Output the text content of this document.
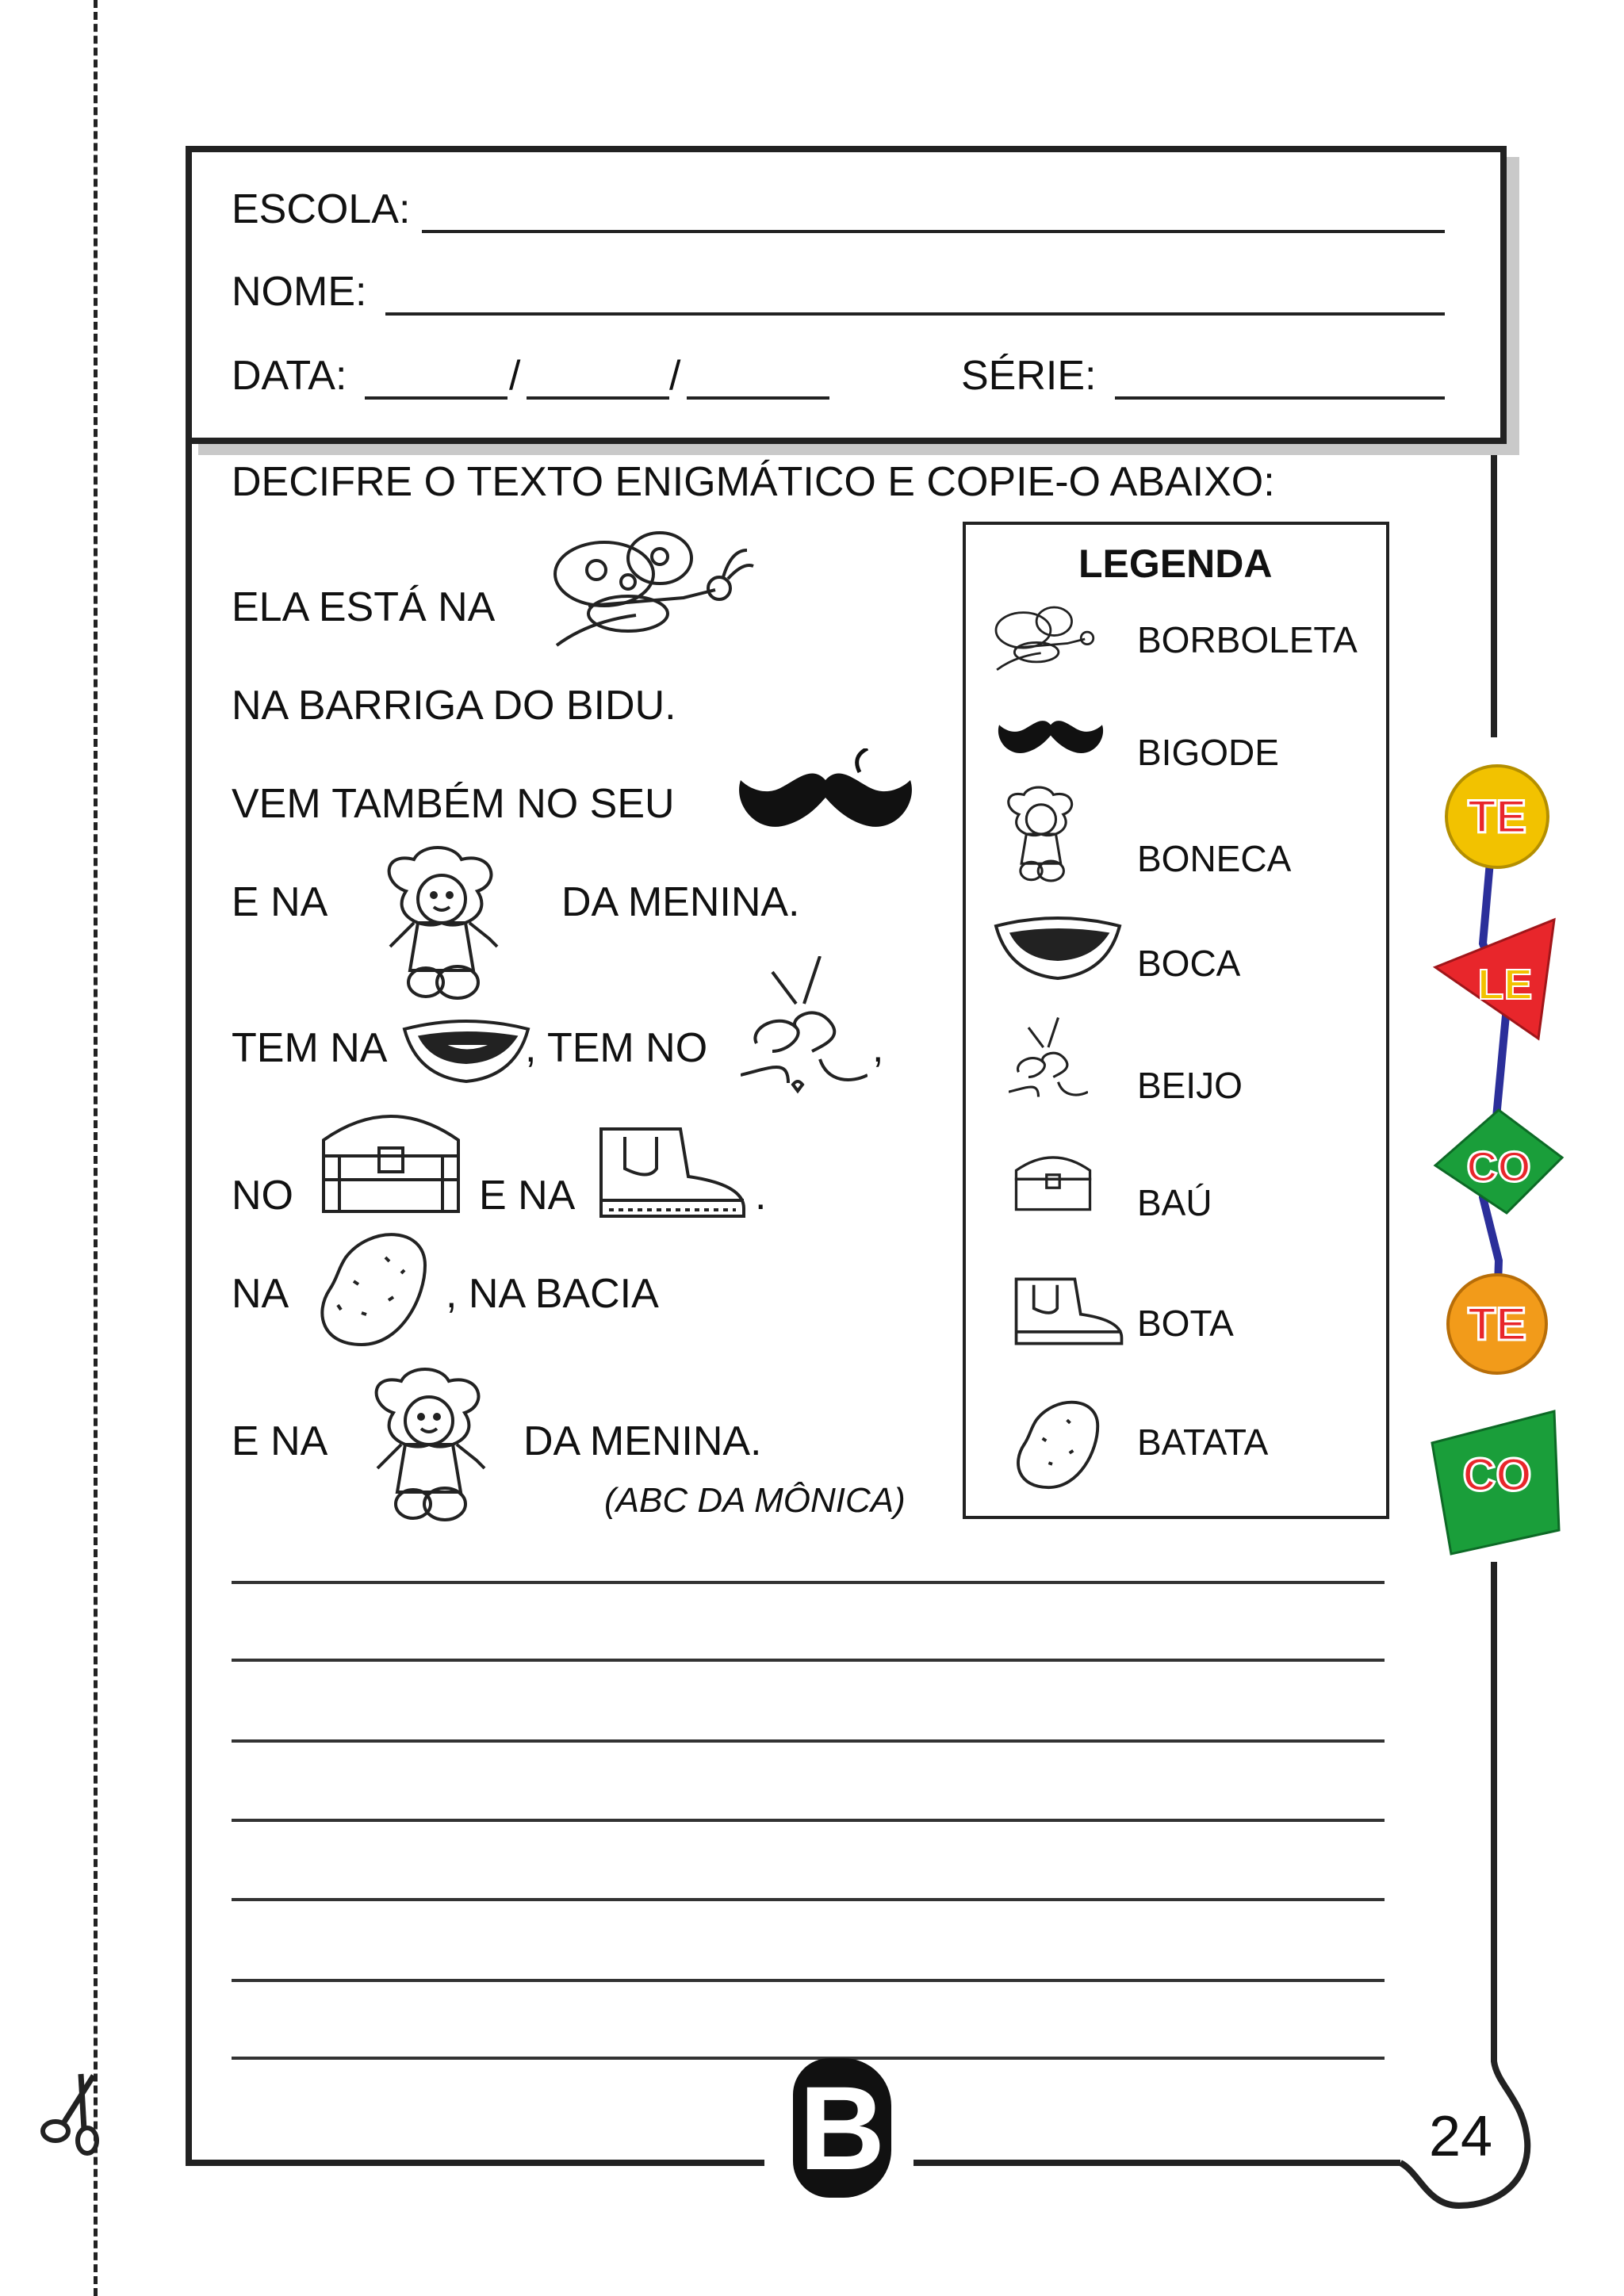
ESCOLA:
NOME:
DATA:	/	/	SÉRIE:
DECIFRE O TEXTO ENIGMÁTICO E COPIE-O ABAIXO:
ELA ESTÁ NA
NA BARRIGA DO BIDU.
VEM TAMBÉM NO SEU
E NA	DA MENINA.
TEM NA	, TEM NO	,
NO	E NA	.
NA	, NA BACIA
E NA	DA MENINA.
(ABC DA MÔNICA)
LEGENDA
BORBOLETA
BIGODE
BONECA
BOCA
BEIJO
BAÚ
BOTA
BATATA
TE
LE
CO
TE
CO
B	24
